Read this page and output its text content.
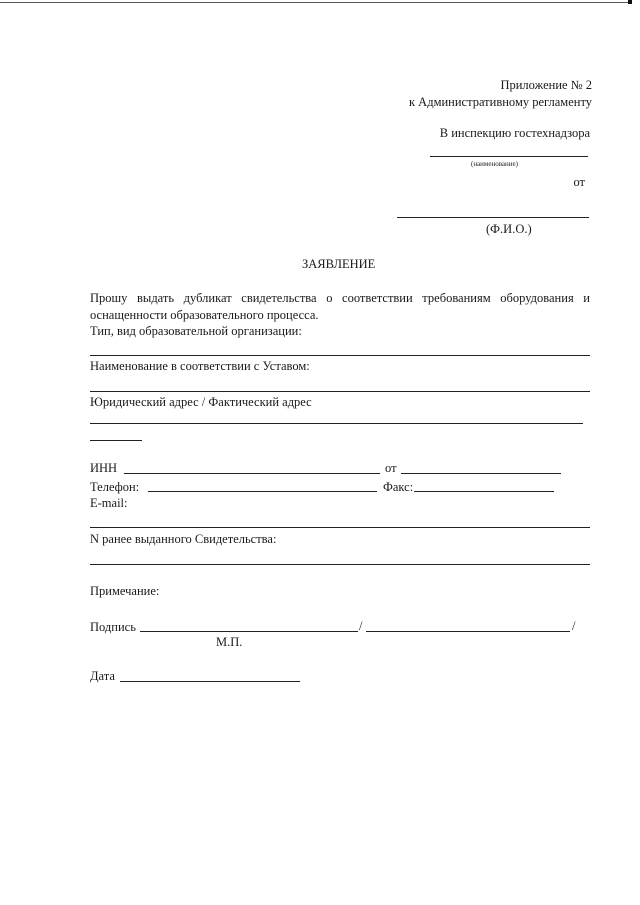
Приложение № 2
к Административному регламенту
В инспекцию гостехнадзора
(наименование)
от
(Ф.И.О.)
ЗАЯВЛЕНИЕ
Прошу выдать дубликат свидетельства о соответствии требованиям оборудования и
оснащенности образовательного процесса.
Тип, вид образовательной организации:
Наименование в соответствии с Уставом:
Юридический адрес / Фактический адрес
ИНН	от
Телефон:	Факс:
E-mail:
N ранее выданного Свидетельства:
Примечание:
Подпись	/	/
М.П.
Дата
